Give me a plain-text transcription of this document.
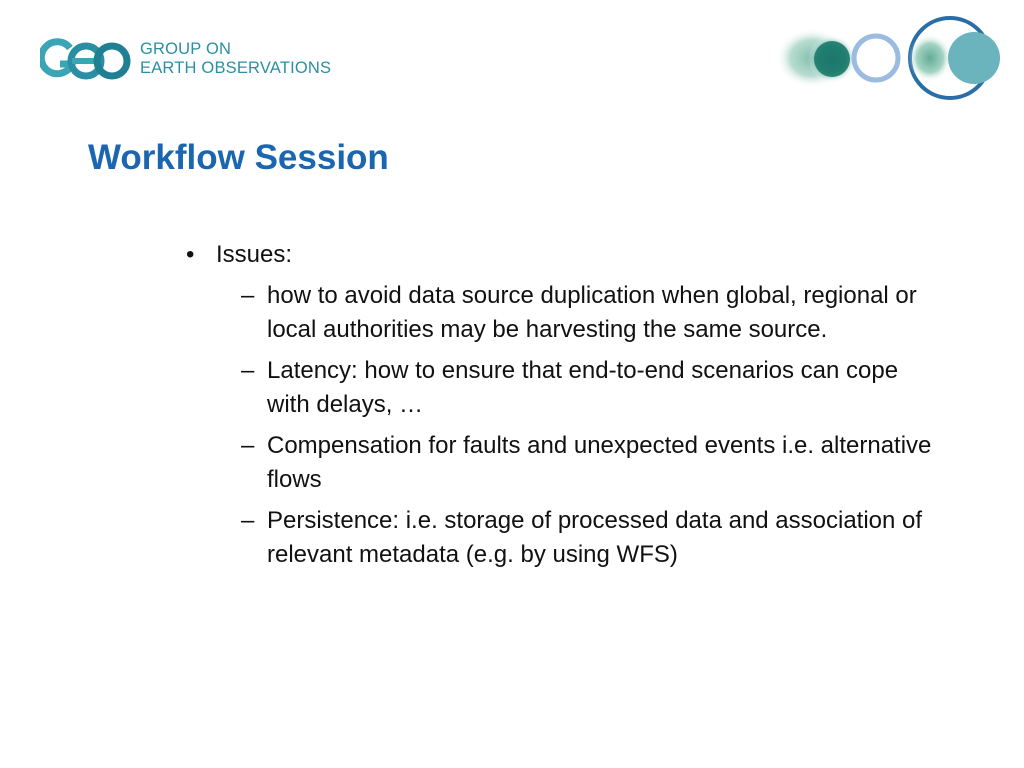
GROUP ON
EARTH OBSERVATIONS
Workflow Session
• Issues:
– how to avoid data source duplication when global, regional or local authorities may be harvesting the same source.
– Latency: how to ensure that end-to-end scenarios can cope with delays, …
– Compensation for faults and unexpected events i.e. alternative flows
– Persistence: i.e. storage of processed data and association of relevant metadata (e.g. by using WFS)
